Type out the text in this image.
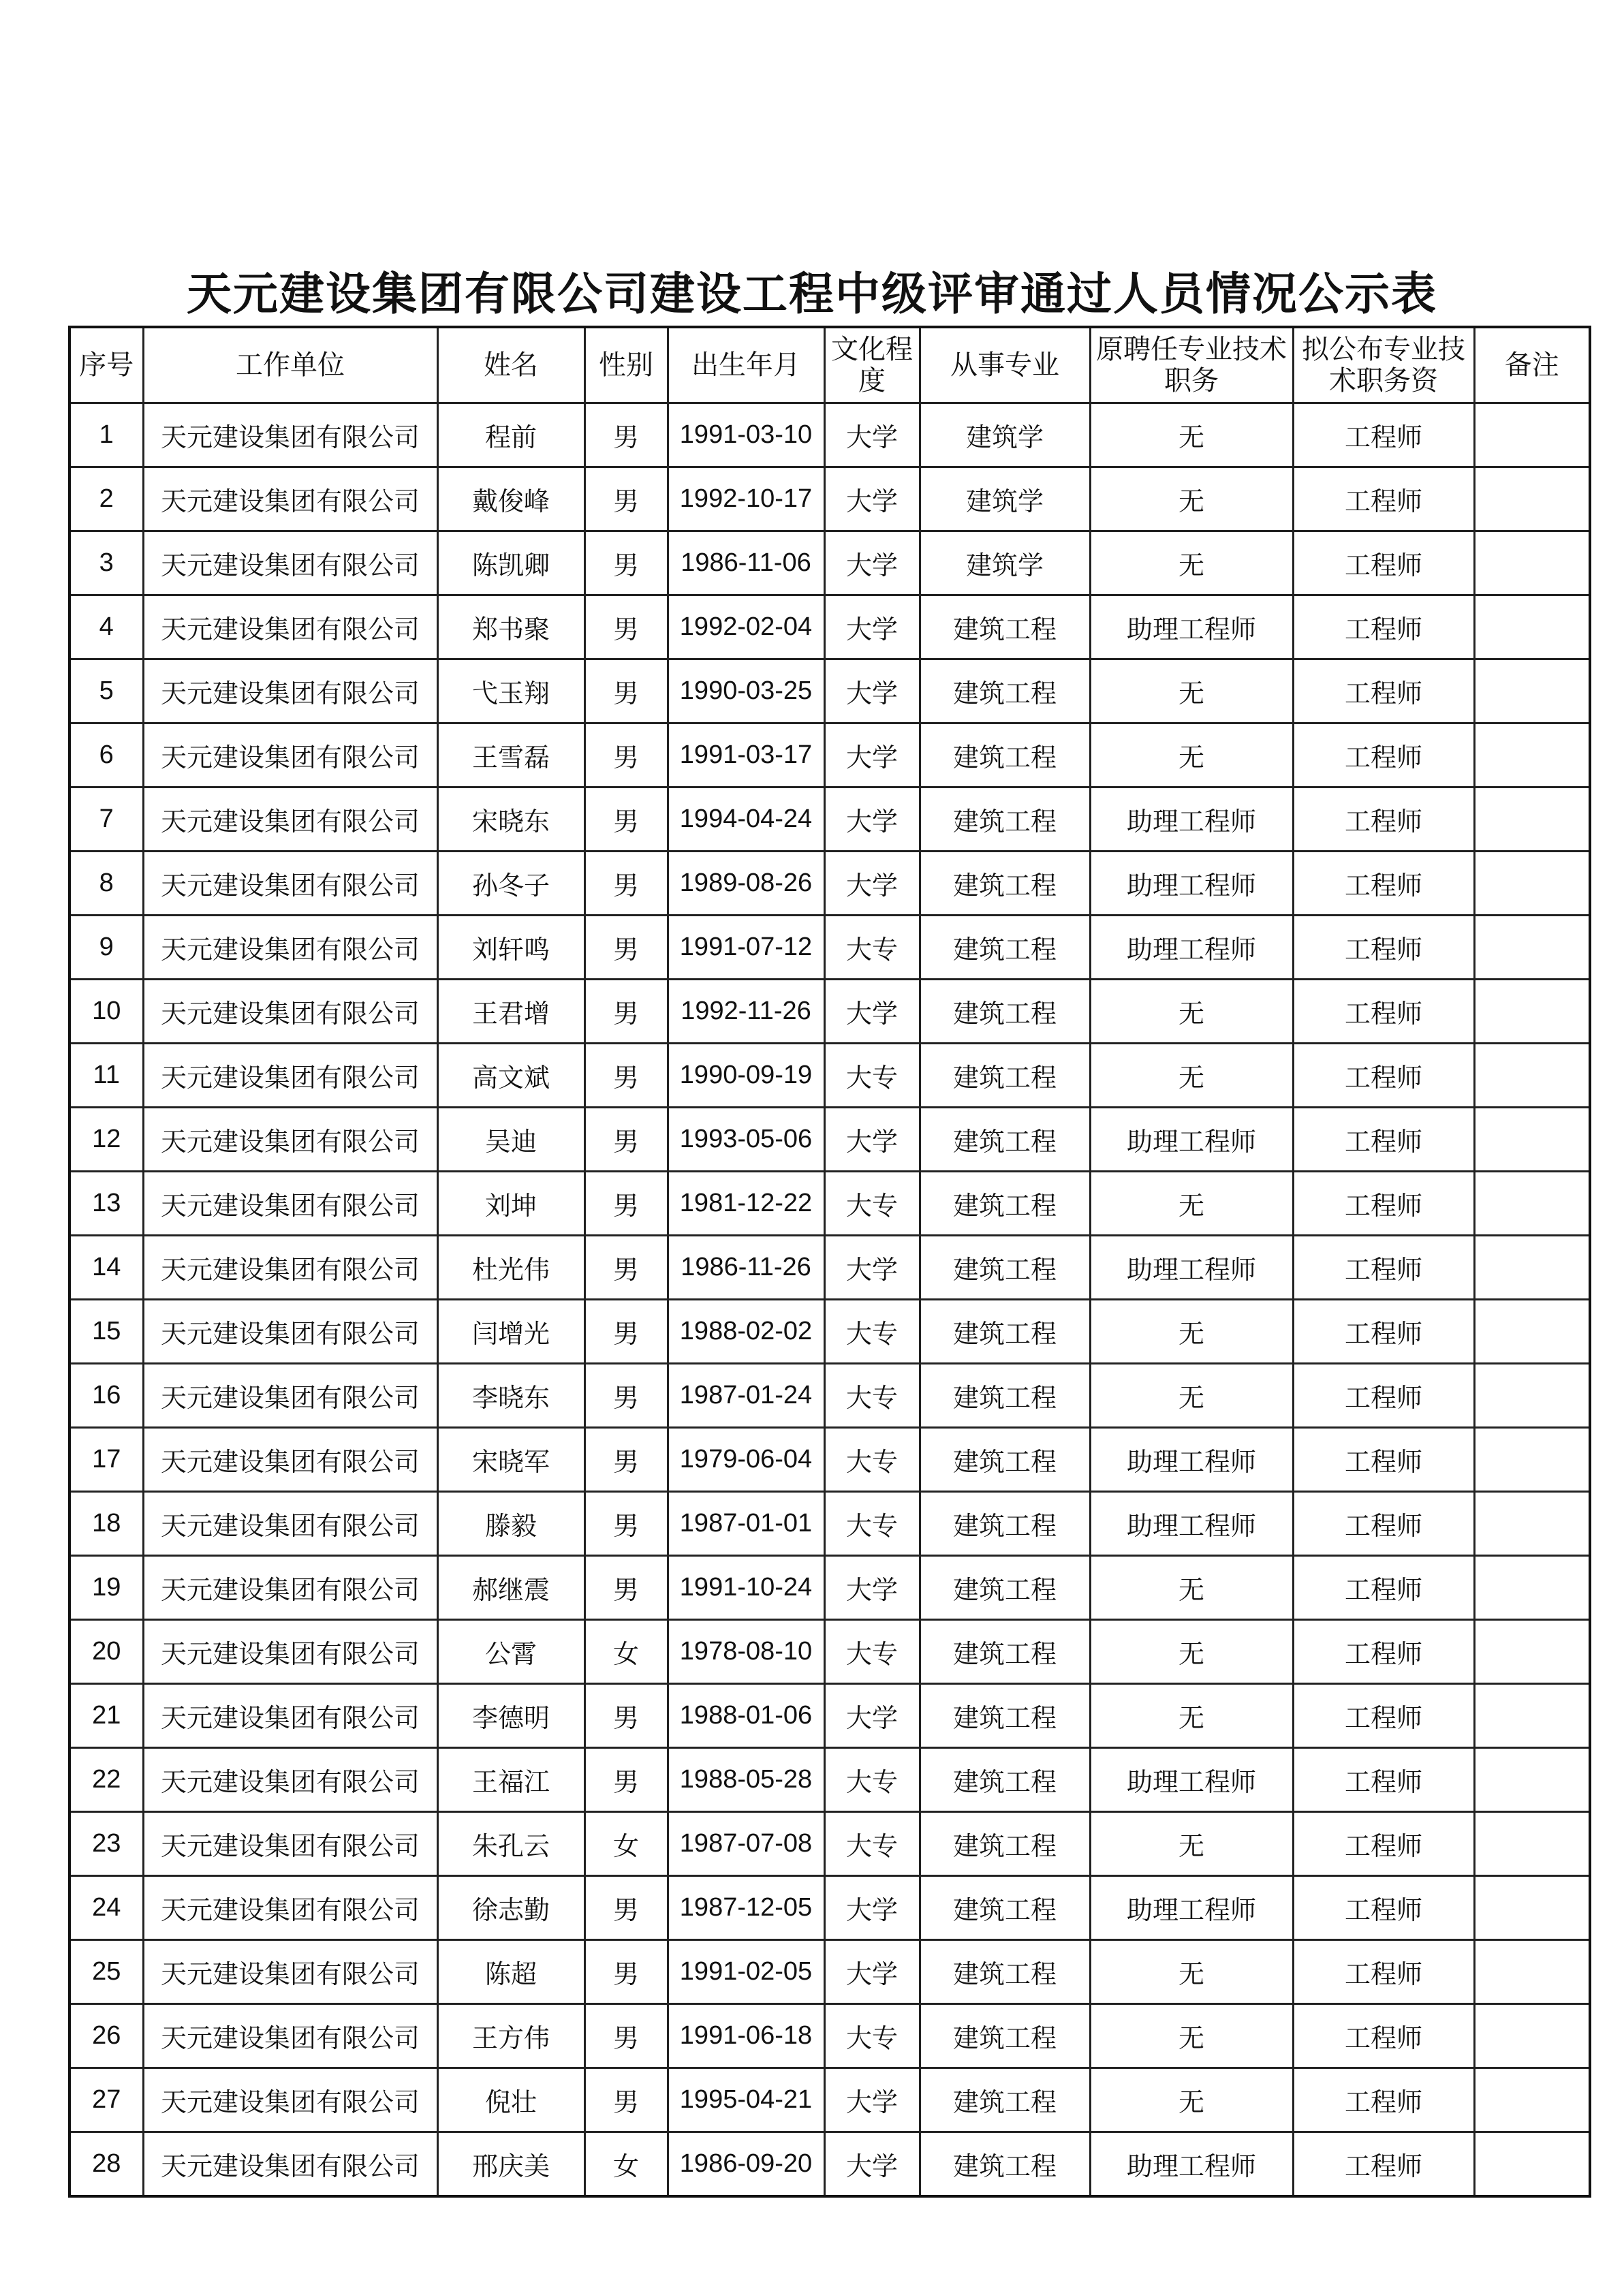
天元建设集团有限公司建设工程中级评审通过人员情况公示表
序号	工作单位	姓名	性别	出生年月	文化程度	从事专业	原聘任专业技术职务	拟公布专业技术职务资	备注
1	天元建设集团有限公司	程前	男	1991-03-10	大学	建筑学	无	工程师	
2	天元建设集团有限公司	戴俊峰	男	1992-10-17	大学	建筑学	无	工程师	
3	天元建设集团有限公司	陈凯卿	男	1986-11-06	大学	建筑学	无	工程师	
4	天元建设集团有限公司	郑书聚	男	1992-02-04	大学	建筑工程	助理工程师	工程师	
5	天元建设集团有限公司	弋玉翔	男	1990-03-25	大学	建筑工程	无	工程师	
6	天元建设集团有限公司	王雪磊	男	1991-03-17	大学	建筑工程	无	工程师	
7	天元建设集团有限公司	宋晓东	男	1994-04-24	大学	建筑工程	助理工程师	工程师	
8	天元建设集团有限公司	孙冬子	男	1989-08-26	大学	建筑工程	助理工程师	工程师	
9	天元建设集团有限公司	刘轩鸣	男	1991-07-12	大专	建筑工程	助理工程师	工程师	
10	天元建设集团有限公司	王君增	男	1992-11-26	大学	建筑工程	无	工程师	
11	天元建设集团有限公司	高文斌	男	1990-09-19	大专	建筑工程	无	工程师	
12	天元建设集团有限公司	吴迪	男	1993-05-06	大学	建筑工程	助理工程师	工程师	
13	天元建设集团有限公司	刘坤	男	1981-12-22	大专	建筑工程	无	工程师	
14	天元建设集团有限公司	杜光伟	男	1986-11-26	大学	建筑工程	助理工程师	工程师	
15	天元建设集团有限公司	闫增光	男	1988-02-02	大专	建筑工程	无	工程师	
16	天元建设集团有限公司	李晓东	男	1987-01-24	大专	建筑工程	无	工程师	
17	天元建设集团有限公司	宋晓军	男	1979-06-04	大专	建筑工程	助理工程师	工程师	
18	天元建设集团有限公司	滕毅	男	1987-01-01	大专	建筑工程	助理工程师	工程师	
19	天元建设集团有限公司	郝继震	男	1991-10-24	大学	建筑工程	无	工程师	
20	天元建设集团有限公司	公霄	女	1978-08-10	大专	建筑工程	无	工程师	
21	天元建设集团有限公司	李德明	男	1988-01-06	大学	建筑工程	无	工程师	
22	天元建设集团有限公司	王福江	男	1988-05-28	大专	建筑工程	助理工程师	工程师	
23	天元建设集团有限公司	朱孔云	女	1987-07-08	大专	建筑工程	无	工程师	
24	天元建设集团有限公司	徐志勤	男	1987-12-05	大学	建筑工程	助理工程师	工程师	
25	天元建设集团有限公司	陈超	男	1991-02-05	大学	建筑工程	无	工程师	
26	天元建设集团有限公司	王方伟	男	1991-06-18	大专	建筑工程	无	工程师	
27	天元建设集团有限公司	倪壮	男	1995-04-21	大学	建筑工程	无	工程师	
28	天元建设集团有限公司	邢庆美	女	1986-09-20	大学	建筑工程	助理工程师	工程师	
